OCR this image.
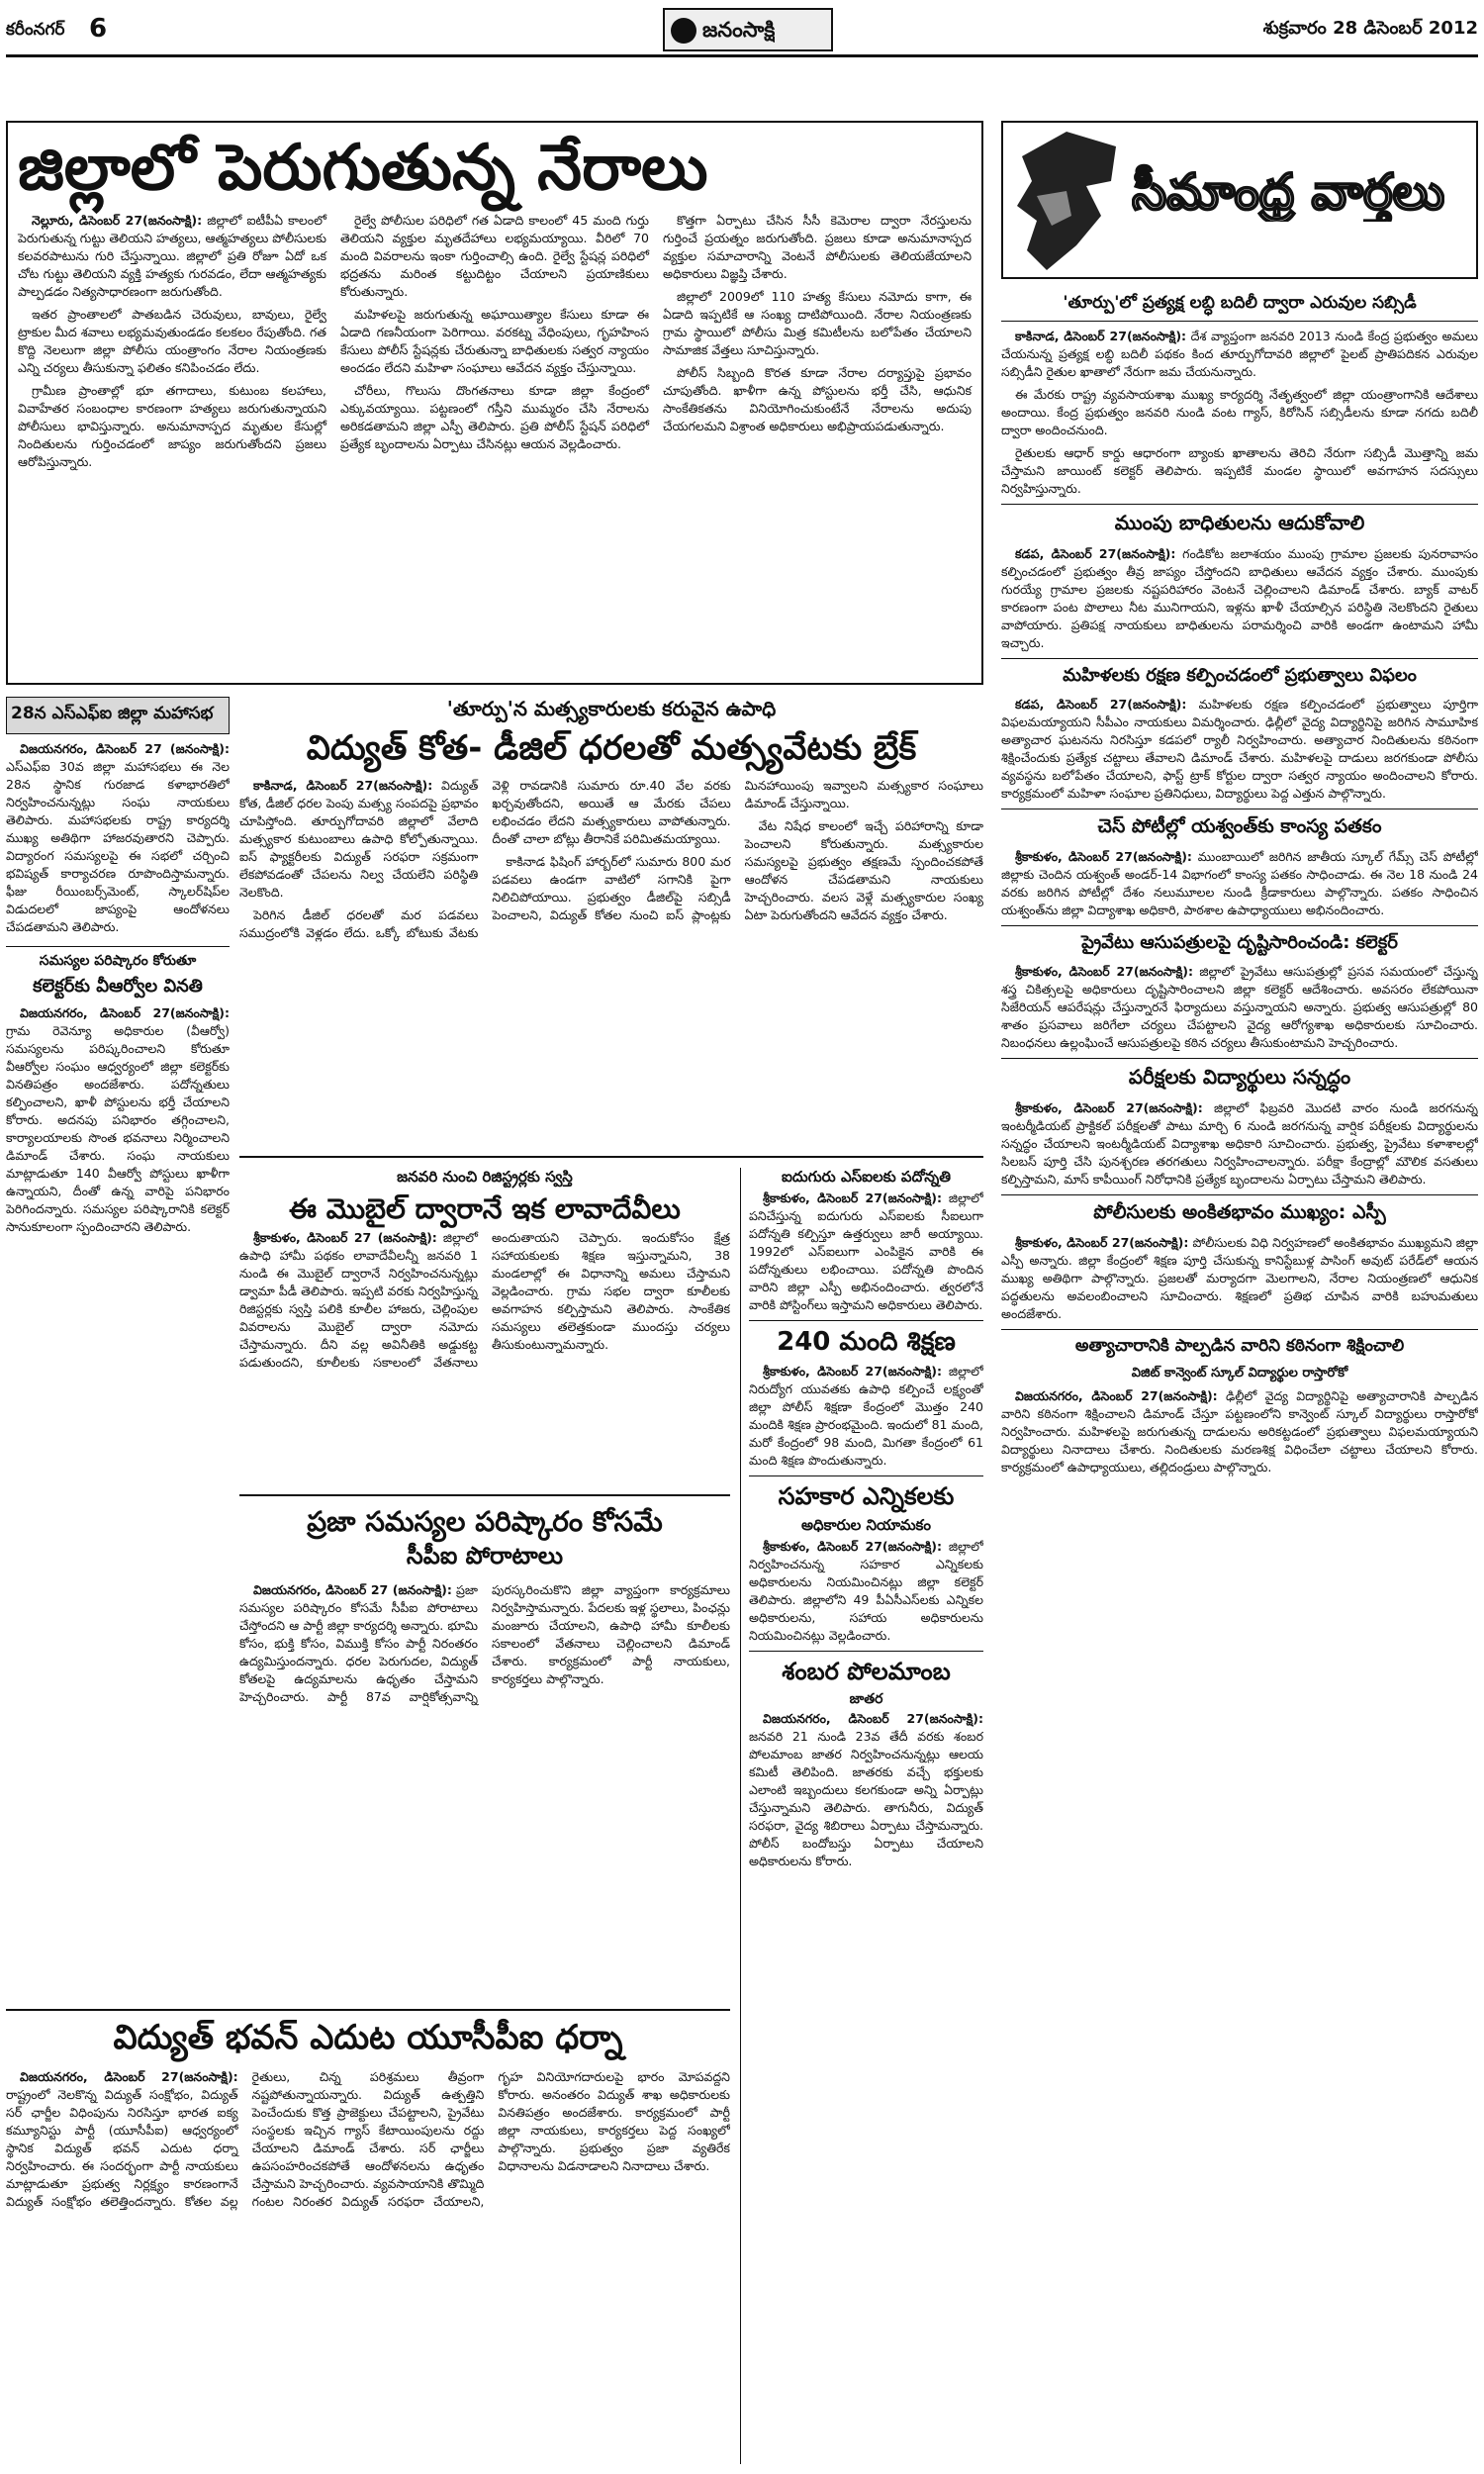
కరీంనగర్ 6	జనంసాక్షి	శుక్రవారం 28 డిసెంబర్ 2012
జిల్లాలో పెరుగుతున్న నేరాలు

నెల్లూరు, డిసెంబర్ 27(జనంసాక్షి): జిల్లాలో ఐటీపీఏ కాలంలో పెరుగుతున్న గుట్టు తెలియని హత్యలు, ఆత్మహత్యలు పోలీసులకు కలవరపాటును గురి చేస్తున్నాయి. జిల్లాలో ప్రతి రోజూ ఏదో ఒక చోట గుట్టు తెలియని వ్యక్తి హత్యకు గురవడం, లేదా ఆత్మహత్యకు పాల్పడడం నిత్యసాధారణంగా జరుగుతోంది.

ఇతర ప్రాంతాలలో పాతబడిన చెరువులు, బావులు, రైల్వే ట్రాకుల మీద శవాలు లభ్యమవుతుండడం కలకలం రేపుతోంది. గత కొద్ది నెలలుగా జిల్లా పోలీసు యంత్రాంగం నేరాల నియంత్రణకు ఎన్ని చర్యలు తీసుకున్నా ఫలితం కనిపించడం లేదు.

గ్రామీణ ప్రాంతాల్లో భూ తగాదాలు, కుటుంబ కలహాలు, వివాహేతర సంబంధాల కారణంగా హత్యలు జరుగుతున్నాయని పోలీసులు భావిస్తున్నారు. అనుమానాస్పద మృతుల కేసుల్లో నిందితులను గుర్తించడంలో జాప్యం జరుగుతోందని ప్రజలు ఆరోపిస్తున్నారు.

రైల్వే పోలీసుల పరిధిలో గత ఏడాది కాలంలో 45 మంది గుర్తు తెలియని వ్యక్తుల మృతదేహాలు లభ్యమయ్యాయి. వీరిలో 70 మంది వివరాలను ఇంకా గుర్తించాల్సి ఉంది. రైల్వే స్టేషన్ల పరిధిలో భద్రతను మరింత కట్టుదిట్టం చేయాలని ప్రయాణికులు కోరుతున్నారు.

మహిళలపై జరుగుతున్న అఘాయిత్యాల కేసులు కూడా ఈ ఏడాది గణనీయంగా పెరిగాయి. వరకట్న వేధింపులు, గృహహింస కేసులు పోలీస్ స్టేషన్లకు చేరుతున్నా బాధితులకు సత్వర న్యాయం అందడం లేదని మహిళా సంఘాలు ఆవేదన వ్యక్తం చేస్తున్నాయి.

చోరీలు, గొలుసు దొంగతనాలు కూడా జిల్లా కేంద్రంలో ఎక్కువయ్యాయి. పట్టణంలో గస్తీని ముమ్మరం చేసి నేరాలను అరికడతామని జిల్లా ఎస్పీ తెలిపారు. ప్రతి పోలీస్ స్టేషన్ పరిధిలో ప్రత్యేక బృందాలను ఏర్పాటు చేసినట్లు ఆయన వెల్లడించారు.

కొత్తగా ఏర్పాటు చేసిన సీసీ కెమెరాల ద్వారా నేరస్తులను గుర్తించే ప్రయత్నం జరుగుతోంది. ప్రజలు కూడా అనుమానాస్పద వ్యక్తుల సమాచారాన్ని వెంటనే పోలీసులకు తెలియజేయాలని అధికారులు విజ్ఞప్తి చేశారు.

జిల్లాలో 2009లో 110 హత్య కేసులు నమోదు కాగా, ఈ ఏడాది ఇప్పటికే ఆ సంఖ్య దాటిపోయింది. నేరాల నియంత్రణకు గ్రామ స్థాయిలో పోలీసు మిత్ర కమిటీలను బలోపేతం చేయాలని సామాజిక వేత్తలు సూచిస్తున్నారు.

పోలీస్ సిబ్బంది కొరత కూడా నేరాల దర్యాప్తుపై ప్రభావం చూపుతోంది. ఖాళీగా ఉన్న పోస్టులను భర్తీ చేసి, ఆధునిక సాంకేతికతను వినియోగించుకుంటేనే నేరాలను అదుపు చేయగలమని విశ్రాంత అధికారులు అభిప్రాయపడుతున్నారు.

సీమాంధ్ర వార్తలు
'తూర్పు'లో ప్రత్యక్ష లబ్ధి బదిలీ ద్వారా ఎరువుల సబ్సిడీ

కాకినాడ, డిసెంబర్ 27(జనంసాక్షి): దేశ వ్యాప్తంగా జనవరి 2013 నుండి కేంద్ర ప్రభుత్వం అమలు చేయనున్న ప్రత్యక్ష లబ్ధి బదిలీ పథకం కింద తూర్పుగోదావరి జిల్లాలో పైలట్ ప్రాతిపదికన ఎరువుల సబ్సిడీని రైతుల ఖాతాలో నేరుగా జమ చేయనున్నారు.

ఈ మేరకు రాష్ట్ర వ్యవసాయశాఖ ముఖ్య కార్యదర్శి నేతృత్వంలో జిల్లా యంత్రాంగానికి ఆదేశాలు అందాయి. కేంద్ర ప్రభుత్వం జనవరి నుండి వంట గ్యాస్, కిరోసిన్ సబ్సిడీలను కూడా నగదు బదిలీ ద్వారా అందించనుంది.

రైతులకు ఆధార్ కార్డు ఆధారంగా బ్యాంకు ఖాతాలను తెరిచి నేరుగా సబ్సిడీ మొత్తాన్ని జమ చేస్తామని జాయింట్ కలెక్టర్ తెలిపారు. ఇప్పటికే మండల స్థాయిలో అవగాహన సదస్సులు నిర్వహిస్తున్నారు.

ముంపు బాధితులను ఆదుకోవాలి

కడప, డిసెంబర్ 27(జనంసాక్షి): గండికోట జలాశయం ముంపు గ్రామాల ప్రజలకు పునరావాసం కల్పించడంలో ప్రభుత్వం తీవ్ర జాప్యం చేస్తోందని బాధితులు ఆవేదన వ్యక్తం చేశారు. ముంపుకు గురయ్యే గ్రామాల ప్రజలకు నష్టపరిహారం వెంటనే చెల్లించాలని డిమాండ్ చేశారు. బ్యాక్ వాటర్ కారణంగా పంట పొలాలు నీట మునిగాయని, ఇళ్లను ఖాళీ చేయాల్సిన పరిస్థితి నెలకొందని రైతులు వాపోయారు. ప్రతిపక్ష నాయకులు బాధితులను పరామర్శించి వారికి అండగా ఉంటామని హామీ ఇచ్చారు.

మహిళలకు రక్షణ కల్పించడంలో ప్రభుత్వాలు విఫలం

కడప, డిసెంబర్ 27(జనంసాక్షి): మహిళలకు రక్షణ కల్పించడంలో ప్రభుత్వాలు పూర్తిగా విఫలమయ్యాయని సీపీఎం నాయకులు విమర్శించారు. ఢిల్లీలో వైద్య విద్యార్థినిపై జరిగిన సామూహిక అత్యాచార ఘటనను నిరసిస్తూ కడపలో ర్యాలీ నిర్వహించారు. అత్యాచార నిందితులను కఠినంగా శిక్షించేందుకు ప్రత్యేక చట్టాలు తేవాలని డిమాండ్ చేశారు. మహిళలపై దాడులు జరగకుండా పోలీసు వ్యవస్థను బలోపేతం చేయాలని, ఫాస్ట్ ట్రాక్ కోర్టుల ద్వారా సత్వర న్యాయం అందించాలని కోరారు. కార్యక్రమంలో మహిళా సంఘాల ప్రతినిధులు, విద్యార్థులు పెద్ద ఎత్తున పాల్గొన్నారు.

చెస్ పోటీల్లో యశ్వంత్‌కు కాంస్య పతకం

శ్రీకాకుళం, డిసెంబర్ 27(జనంసాక్షి): ముంబాయిలో జరిగిన జాతీయ స్కూల్ గేమ్స్ చెస్ పోటీల్లో జిల్లాకు చెందిన యశ్వంత్ అండర్-14 విభాగంలో కాంస్య పతకం సాధించాడు. ఈ నెల 18 నుండి 24 వరకు జరిగిన పోటీల్లో దేశం నలుమూలల నుండి క్రీడాకారులు పాల్గొన్నారు. పతకం సాధించిన యశ్వంత్‌ను జిల్లా విద్యాశాఖ అధికారి, పాఠశాల ఉపాధ్యాయులు అభినందించారు.

ప్రైవేటు ఆసుపత్రులపై దృష్టిసారించండి: కలెక్టర్

శ్రీకాకుళం, డిసెంబర్ 27(జనంసాక్షి): జిల్లాలో ప్రైవేటు ఆసుపత్రుల్లో ప్రసవ సమయంలో చేస్తున్న శస్త్ర చికిత్సలపై అధికారులు దృష్టిసారించాలని జిల్లా కలెక్టర్ ఆదేశించారు. అవసరం లేకపోయినా సిజేరియన్ ఆపరేషన్లు చేస్తున్నారనే ఫిర్యాదులు వస్తున్నాయని అన్నారు. ప్రభుత్వ ఆసుపత్రుల్లో 80 శాతం ప్రసవాలు జరిగేలా చర్యలు చేపట్టాలని వైద్య ఆరోగ్యశాఖ అధికారులకు సూచించారు. నిబంధనలు ఉల్లంఘించే ఆసుపత్రులపై కఠిన చర్యలు తీసుకుంటామని హెచ్చరించారు.

పరీక్షలకు విద్యార్థులు సన్నద్ధం

శ్రీకాకుళం, డిసెంబర్ 27(జనంసాక్షి): జిల్లాలో ఫిబ్రవరి మొదటి వారం నుండి జరగనున్న ఇంటర్మీడియట్ ప్రాక్టికల్ పరీక్షలతో పాటు మార్చి 6 నుండి జరగనున్న వార్షిక పరీక్షలకు విద్యార్థులను సన్నద్ధం చేయాలని ఇంటర్మీడియట్ విద్యాశాఖ అధికారి సూచించారు. ప్రభుత్వ, ప్రైవేటు కళాశాలల్లో సిలబస్ పూర్తి చేసి పునశ్చరణ తరగతులు నిర్వహించాలన్నారు. పరీక్షా కేంద్రాల్లో మౌలిక వసతులు కల్పిస్తామని, మాస్ కాపీయింగ్ నిరోధానికి ప్రత్యేక బృందాలను ఏర్పాటు చేస్తామని తెలిపారు.

పోలీసులకు అంకితభావం ముఖ్యం: ఎస్పీ

శ్రీకాకుళం, డిసెంబర్ 27(జనంసాక్షి): పోలీసులకు విధి నిర్వహణలో అంకితభావం ముఖ్యమని జిల్లా ఎస్పీ అన్నారు. జిల్లా కేంద్రంలో శిక్షణ పూర్తి చేసుకున్న కానిస్టేబుళ్ల పాసింగ్ అవుట్ పరేడ్‌లో ఆయన ముఖ్య అతిథిగా పాల్గొన్నారు. ప్రజలతో మర్యాదగా మెలగాలని, నేరాల నియంత్రణలో ఆధునిక పద్ధతులను అవలంబించాలని సూచించారు. శిక్షణలో ప్రతిభ చూపిన వారికి బహుమతులు అందజేశారు.

అత్యాచారానికి పాల్పడిన వారిని కఠినంగా శిక్షించాలి
విజిట్ కాన్వెంట్ స్కూల్ విద్యార్థుల రాస్తారోకో

విజయనగరం, డిసెంబర్ 27(జనంసాక్షి): ఢిల్లీలో వైద్య విద్యార్థినిపై అత్యాచారానికి పాల్పడిన వారిని కఠినంగా శిక్షించాలని డిమాండ్ చేస్తూ పట్టణంలోని కాన్వెంట్ స్కూల్ విద్యార్థులు రాస్తారోకో నిర్వహించారు. మహిళలపై జరుగుతున్న దాడులను అరికట్టడంలో ప్రభుత్వాలు విఫలమయ్యాయని విద్యార్థులు నినాదాలు చేశారు. నిందితులకు మరణశిక్ష విధించేలా చట్టాలు చేయాలని కోరారు. కార్యక్రమంలో ఉపాధ్యాయులు, తల్లిదండ్రులు పాల్గొన్నారు.

28న ఎస్‌ఎఫ్‌ఐ జిల్లా మహాసభ

విజయనగరం, డిసెంబర్ 27 (జనంసాక్షి): ఎస్‌ఎఫ్‌ఐ 30వ జిల్లా మహాసభలు ఈ నెల 28న స్థానిక గురజాడ కళాభారతిలో నిర్వహించనున్నట్లు సంఘ నాయకులు తెలిపారు. మహాసభలకు రాష్ట్ర కార్యదర్శి ముఖ్య అతిథిగా హాజరవుతారని చెప్పారు. విద్యారంగ సమస్యలపై ఈ సభలో చర్చించి భవిష్యత్ కార్యాచరణ రూపొందిస్తామన్నారు. ఫీజు రీయింబర్స్‌మెంట్, స్కాలర్‌షిప్‌ల విడుదలలో జాప్యంపై ఆందోళనలు చేపడతామని తెలిపారు.

సమస్యల పరిష్కారం కోరుతూ
కలెక్టర్‌కు వీఆర్వోల వినతి

విజయనగరం, డిసెంబర్ 27(జనంసాక్షి): గ్రామ రెవెన్యూ అధికారుల (వీఆర్వో) సమస్యలను పరిష్కరించాలని కోరుతూ వీఆర్వోల సంఘం ఆధ్వర్యంలో జిల్లా కలెక్టర్‌కు వినతిపత్రం అందజేశారు. పదోన్నతులు కల్పించాలని, ఖాళీ పోస్టులను భర్తీ చేయాలని కోరారు. అదనపు పనిభారం తగ్గించాలని, కార్యాలయాలకు సొంత భవనాలు నిర్మించాలని డిమాండ్ చేశారు. సంఘ నాయకులు మాట్లాడుతూ 140 వీఆర్వో పోస్టులు ఖాళీగా ఉన్నాయని, దీంతో ఉన్న వారిపై పనిభారం పెరిగిందన్నారు. సమస్యల పరిష్కారానికి కలెక్టర్ సానుకూలంగా స్పందించారని తెలిపారు.

'తూర్పు'న మత్స్యకారులకు కరువైన ఉపాధి
విద్యుత్ కోత- డీజిల్ ధరలతో మత్స్యవేటకు బ్రేక్

కాకినాడ, డిసెంబర్ 27(జనంసాక్షి): విద్యుత్ కోత, డీజిల్ ధరల పెంపు మత్స్య సంపదపై ప్రభావం చూపిస్తోంది. తూర్పుగోదావరి జిల్లాలో వేలాది మత్స్యకార కుటుంబాలు ఉపాధి కోల్పోతున్నాయి. ఐస్ ఫ్యాక్టరీలకు విద్యుత్ సరఫరా సక్రమంగా లేకపోవడంతో చేపలను నిల్వ చేయలేని పరిస్థితి నెలకొంది.

పెరిగిన డీజిల్ ధరలతో మర పడవలు సముద్రంలోకి వెళ్లడం లేదు. ఒక్కో బోటుకు వేటకు వెళ్లి రావడానికి సుమారు రూ.40 వేల వరకు ఖర్చవుతోందని, అయితే ఆ మేరకు చేపలు లభించడం లేదని మత్స్యకారులు వాపోతున్నారు. దీంతో చాలా బోట్లు తీరానికే పరిమితమయ్యాయి.

కాకినాడ ఫిషింగ్ హార్బర్‌లో సుమారు 800 మర పడవలు ఉండగా వాటిలో సగానికి పైగా నిలిచిపోయాయి. ప్రభుత్వం డీజిల్‌పై సబ్సిడీ పెంచాలని, విద్యుత్ కోతల నుంచి ఐస్ ప్లాంట్లకు మినహాయింపు ఇవ్వాలని మత్స్యకార సంఘాలు డిమాండ్ చేస్తున్నాయి.

వేట నిషేధ కాలంలో ఇచ్చే పరిహారాన్ని కూడా పెంచాలని కోరుతున్నారు. మత్స్యకారుల సమస్యలపై ప్రభుత్వం తక్షణమే స్పందించకపోతే ఆందోళన చేపడతామని నాయకులు హెచ్చరించారు. వలస వెళ్లే మత్స్యకారుల సంఖ్య ఏటా పెరుగుతోందని ఆవేదన వ్యక్తం చేశారు.

జనవరి నుంచి రిజిస్ట్రర్లకు స్వస్తి
ఈ మొబైల్ ద్వారానే ఇక లావాదేవీలు

శ్రీకాకుళం, డిసెంబర్ 27 (జనంసాక్షి): జిల్లాలో ఉపాధి హామీ పథకం లావాదేవీలన్నీ జనవరి 1 నుండి ఈ మొబైల్ ద్వారానే నిర్వహించనున్నట్లు డ్వామా పీడీ తెలిపారు. ఇప్పటి వరకు నిర్వహిస్తున్న రిజిస్టర్లకు స్వస్తి పలికి కూలీల హాజరు, చెల్లింపుల వివరాలను మొబైల్ ద్వారా నమోదు చేస్తామన్నారు. దీని వల్ల అవినీతికి అడ్డుకట్ట పడుతుందని, కూలీలకు సకాలంలో వేతనాలు అందుతాయని చెప్పారు. ఇందుకోసం క్షేత్ర సహాయకులకు శిక్షణ ఇస్తున్నామని, 38 మండలాల్లో ఈ విధానాన్ని అమలు చేస్తామని వెల్లడించారు. గ్రామ సభల ద్వారా కూలీలకు అవగాహన కల్పిస్తామని తెలిపారు. సాంకేతిక సమస్యలు తలెత్తకుండా ముందస్తు చర్యలు తీసుకుంటున్నామన్నారు.

ప్రజా సమస్యల పరిష్కారం కోసమే
సీపీఐ పోరాటాలు

విజయనగరం, డిసెంబర్ 27 (జనంసాక్షి): ప్రజా సమస్యల పరిష్కారం కోసమే సీపీఐ పోరాటాలు చేస్తోందని ఆ పార్టీ జిల్లా కార్యదర్శి అన్నారు. భూమి కోసం, భుక్తి కోసం, విముక్తి కోసం పార్టీ నిరంతరం ఉద్యమిస్తుందన్నారు. ధరల పెరుగుదల, విద్యుత్ కోతలపై ఉద్యమాలను ఉధృతం చేస్తామని హెచ్చరించారు. పార్టీ 87వ వార్షికోత్సవాన్ని పురస్కరించుకొని జిల్లా వ్యాప్తంగా కార్యక్రమాలు నిర్వహిస్తామన్నారు. పేదలకు ఇళ్ల స్థలాలు, పింఛన్లు మంజూరు చేయాలని, ఉపాధి హామీ కూలీలకు సకాలంలో వేతనాలు చెల్లించాలని డిమాండ్ చేశారు. కార్యక్రమంలో పార్టీ నాయకులు, కార్యకర్తలు పాల్గొన్నారు.

ఐదుగురు ఎస్‌ఐలకు పదోన్నతి

శ్రీకాకుళం, డిసెంబర్ 27(జనంసాక్షి): జిల్లాలో పనిచేస్తున్న ఐదుగురు ఎస్‌ఐలకు సీఐలుగా పదోన్నతి కల్పిస్తూ ఉత్తర్వులు జారీ అయ్యాయి. 1992లో ఎస్‌ఐలుగా ఎంపికైన వారికి ఈ పదోన్నతులు లభించాయి. పదోన్నతి పొందిన వారిని జిల్లా ఎస్పీ అభినందించారు. త్వరలోనే వారికి పోస్టింగ్‌లు ఇస్తామని అధికారులు తెలిపారు.

240 మంది శిక్షణ

శ్రీకాకుళం, డిసెంబర్ 27(జనంసాక్షి): జిల్లాలో నిరుద్యోగ యువతకు ఉపాధి కల్పించే లక్ష్యంతో జిల్లా పోలీస్ శిక్షణా కేంద్రంలో మొత్తం 240 మందికి శిక్షణ ప్రారంభమైంది. ఇందులో 81 మంది, మరో కేంద్రంలో 98 మంది, మిగతా కేంద్రంలో 61 మంది శిక్షణ పొందుతున్నారు.

సహకార ఎన్నికలకు
అధికారుల నియామకం

శ్రీకాకుళం, డిసెంబర్ 27(జనంసాక్షి): జిల్లాలో నిర్వహించనున్న సహకార ఎన్నికలకు అధికారులను నియమించినట్లు జిల్లా కలెక్టర్ తెలిపారు. జిల్లాలోని 49 పీఏసీఎస్‌లకు ఎన్నికల అధికారులను, సహాయ అధికారులను నియమించినట్లు వెల్లడించారు.

శంబర పోలమాంబ
జాతర

విజయనగరం, డిసెంబర్ 27(జనంసాక్షి): జనవరి 21 నుండి 23వ తేదీ వరకు శంబర పోలమాంబ జాతర నిర్వహించనున్నట్లు ఆలయ కమిటీ తెలిపింది. జాతరకు వచ్చే భక్తులకు ఎలాంటి ఇబ్బందులు కలగకుండా అన్ని ఏర్పాట్లు చేస్తున్నామని తెలిపారు. తాగునీరు, విద్యుత్ సరఫరా, వైద్య శిబిరాలు ఏర్పాటు చేస్తామన్నారు. పోలీస్ బందోబస్తు ఏర్పాటు చేయాలని అధికారులను కోరారు.

విద్యుత్ భవన్ ఎదుట యూసీపీఐ ధర్నా

విజయనగరం, డిసెంబర్ 27(జనంసాక్షి): రాష్ట్రంలో నెలకొన్న విద్యుత్ సంక్షోభం, విద్యుత్ సర్ ఛార్జీల విధింపును నిరసిస్తూ భారత ఐక్య కమ్యూనిస్టు పార్టీ (యూసీపీఐ) ఆధ్వర్యంలో స్థానిక విద్యుత్ భవన్ ఎదుట ధర్నా నిర్వహించారు. ఈ సందర్భంగా పార్టీ నాయకులు మాట్లాడుతూ ప్రభుత్వ నిర్లక్ష్యం కారణంగానే విద్యుత్ సంక్షోభం తలెత్తిందన్నారు. కోతల వల్ల రైతులు, చిన్న పరిశ్రమలు తీవ్రంగా నష్టపోతున్నాయన్నారు. విద్యుత్ ఉత్పత్తిని పెంచేందుకు కొత్త ప్రాజెక్టులు చేపట్టాలని, ప్రైవేటు సంస్థలకు ఇచ్చిన గ్యాస్ కేటాయింపులను రద్దు చేయాలని డిమాండ్ చేశారు. సర్ ఛార్జీలు ఉపసంహరించకపోతే ఆందోళనలను ఉధృతం చేస్తామని హెచ్చరించారు. వ్యవసాయానికి తొమ్మిది గంటల నిరంతర విద్యుత్ సరఫరా చేయాలని, గృహ వినియోగదారులపై భారం మోపవద్దని కోరారు. అనంతరం విద్యుత్ శాఖ అధికారులకు వినతిపత్రం అందజేశారు. కార్యక్రమంలో పార్టీ జిల్లా నాయకులు, కార్యకర్తలు పెద్ద సంఖ్యలో పాల్గొన్నారు. ప్రభుత్వం ప్రజా వ్యతిరేక విధానాలను విడనాడాలని నినాదాలు చేశారు.
